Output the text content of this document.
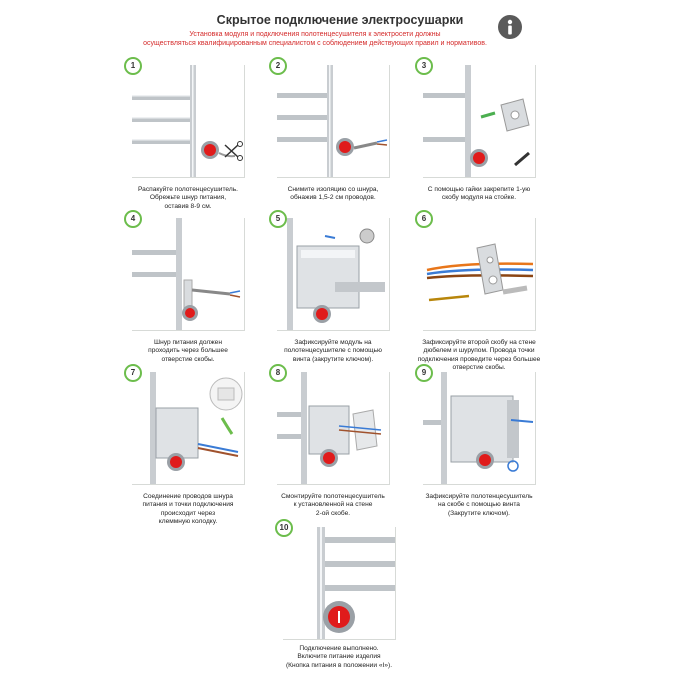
Скрытое подключение электросушарки
Установка модуля и подключения полотенцесушителя к электросети должны
осуществляться квалифицированным специалистом с соблюдением действующих правил и нормативов.
1
Распакуйте полотенцесушитель.
Обрежьте шнур питания,
оставив 8-9 см.
2
Снимите изоляцию со шнура,
обнажив 1,5-2 см проводов.
3
С помощью гайки закрепите 1-ую
скобу модуля на стойке.
4
Шнур питания должен
проходить через большее
отверстие скобы.
5
Зафиксируйте модуль на
полотенцесушителе с помощью
винта (закрутите ключом).
6
Зафиксируйте второй скобу на стене
дюбелем и шурупом. Провода точки
подключения проведите через большее
отверстие скобы.
7
Соединение проводов шнура
питания и точки подключения
происходит через
клеммную колодку.
8
Смонтируйте полотенцесушитель
к установленной на стене
2-ой скобе.
9
Зафиксируйте полотенцесушитель
на скобе с помощью винта
(Закрутите ключом).
10
Подключение выполнено.
Включите питание изделия
(Кнопка питания в положении «I»).
